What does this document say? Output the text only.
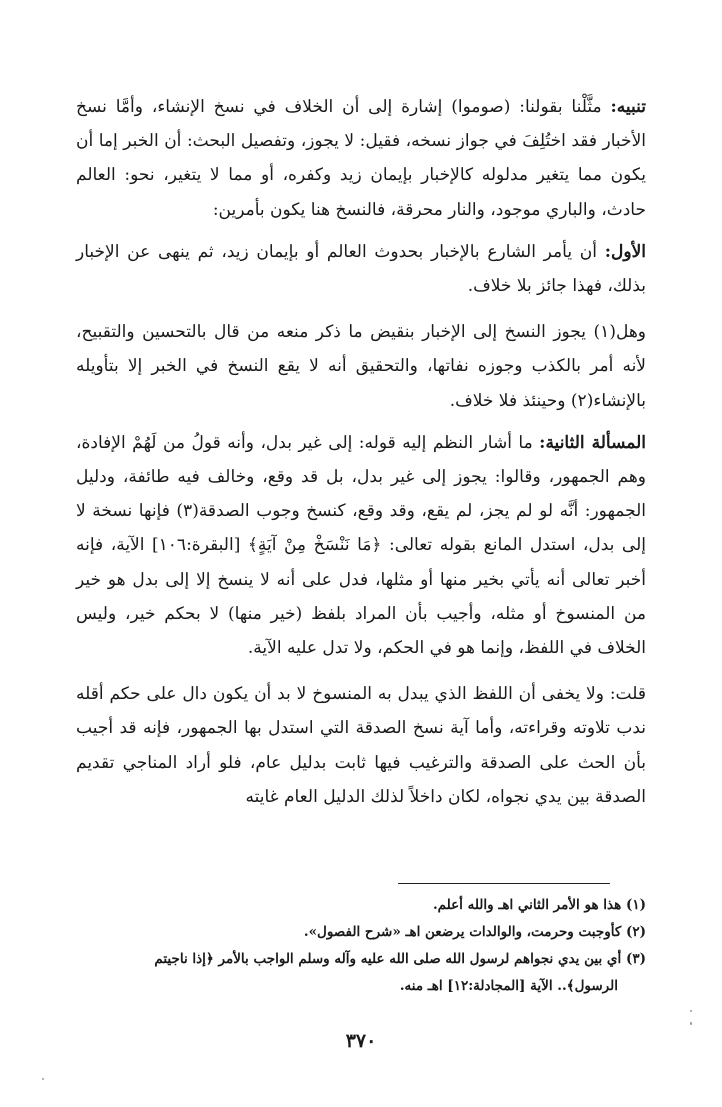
تنبيه: مثَّلْنا بقولنا: (صوموا) إشارة إلى أن الخلاف في نسخ الإنشاء، وأمَّا نسخ الأخبار فقد اختُلِفَ في جواز نسخه، فقيل: لا يجوز، وتفصيل البحث: أن الخبر إما أن يكون مما يتغير مدلوله كالإخبار بإيمان زيد وكفره، أو مما لا يتغير، نحو: العالم حادث، والباري موجود، والنار محرقة، فالنسخ هنا يكون بأمرين:

الأول: أن يأمر الشارع بالإخبار بحدوث العالم أو بإيمان زيد، ثم ينهى عن الإخبار بذلك، فهذا جائز بلا خلاف.

وهل(١) يجوز النسخ إلى الإخبار بنقيض ما ذكر منعه من قال بالتحسين والتقبيح، لأنه أمر بالكذب وجوزه نفاتها، والتحقيق أنه لا يقع النسخ في الخبر إلا بتأويله بالإنشاء(٢) وحينئذ فلا خلاف.

المسألة الثانية: ما أشار النظم إليه قوله: إلى غير بدل، وأنه قولُ من لَهُمْ الإفادة، وهم الجمهور، وقالوا: يجوز إلى غير بدل، بل قد وقع، وخالف فيه طائفة، ودليل الجمهور: أنَّه لو لم يجز، لم يقع، وقد وقع، كنسخ وجوب الصدقة(٣) فإنها نسخة لا إلى بدل، استدل المانع بقوله تعالى: ﴿مَا نَنْسَخْ مِنْ آيَةٍ﴾ [البقرة:١٠٦] الآية، فإنه أخبر تعالى أنه يأتي بخير منها أو مثلها، فدل على أنه لا ينسخ إلا إلى بدل هو خير من المنسوخ أو مثله، وأجيب بأن المراد بلفظ (خير منها) لا بحكم خير، وليس الخلاف في اللفظ، وإنما هو في الحكم، ولا تدل عليه الآية.

قلت: ولا يخفى أن اللفظ الذي يبدل به المنسوخ لا بد أن يكون دال على حكم أقله ندب تلاوته وقراءته، وأما آية نسخ الصدقة التي استدل بها الجمهور، فإنه قد أجيب بأن الحث على الصدقة والترغيب فيها ثابت بدليل عام، فلو أراد المناجي تقديم الصدقة بين يدي نجواه، لكان داخلاً لذلك الدليل العام غايته

(١) هذا هو الأمر الثاني اهـ والله أعلم.

(٢) كأوجبت وحرمت، والوالدات يرضعن اهـ «شرح الفصول».

(٣) أي بين يدي نجواهم لرسول الله صلى الله عليه وآله وسلم الواجب بالأمر ﴿إذا ناجيتم

الرسول﴾.. الآية [المجادلة:١٢] اهـ منه.

٣٧٠
